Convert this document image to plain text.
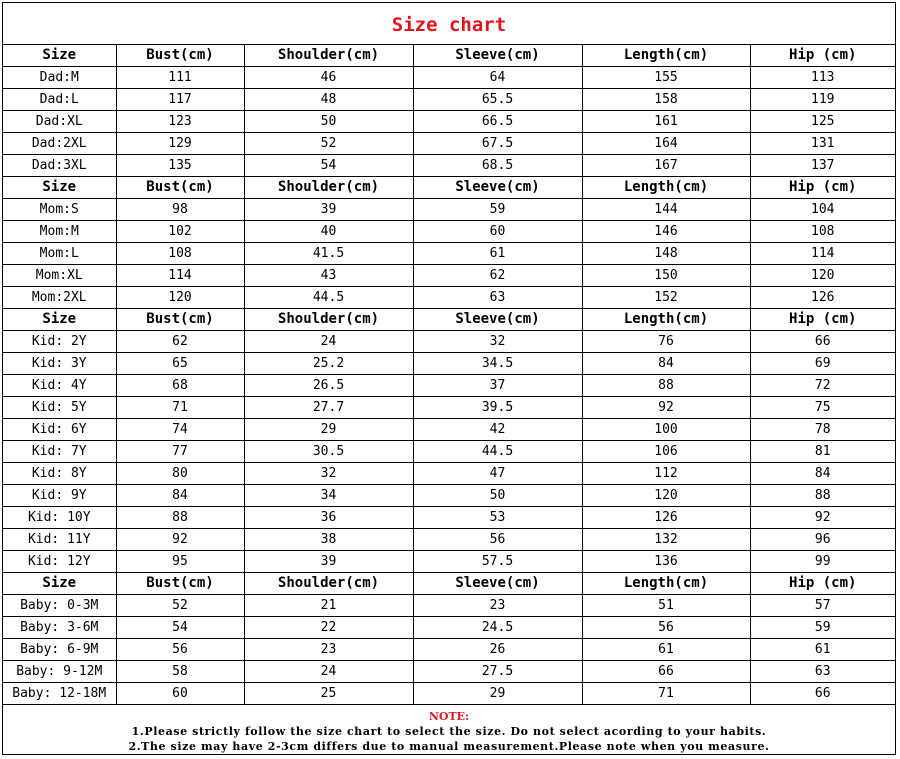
Size chart
Size	Bust(cm)	Shoulder(cm)	Sleeve(cm)	Length(cm)	Hip (cm)
Dad:M	111	46	64	155	113
Dad:L	117	48	65.5	158	119
Dad:XL	123	50	66.5	161	125
Dad:2XL	129	52	67.5	164	131
Dad:3XL	135	54	68.5	167	137
Size	Bust(cm)	Shoulder(cm)	Sleeve(cm)	Length(cm)	Hip (cm)
Mom:S	98	39	59	144	104
Mom:M	102	40	60	146	108
Mom:L	108	41.5	61	148	114
Mom:XL	114	43	62	150	120
Mom:2XL	120	44.5	63	152	126
Size	Bust(cm)	Shoulder(cm)	Sleeve(cm)	Length(cm)	Hip (cm)
Kid: 2Y	62	24	32	76	66
Kid: 3Y	65	25.2	34.5	84	69
Kid: 4Y	68	26.5	37	88	72
Kid: 5Y	71	27.7	39.5	92	75
Kid: 6Y	74	29	42	100	78
Kid: 7Y	77	30.5	44.5	106	81
Kid: 8Y	80	32	47	112	84
Kid: 9Y	84	34	50	120	88
Kid: 10Y	88	36	53	126	92
Kid: 11Y	92	38	56	132	96
Kid: 12Y	95	39	57.5	136	99
Size	Bust(cm)	Shoulder(cm)	Sleeve(cm)	Length(cm)	Hip (cm)
Baby: 0-3M	52	21	23	51	57
Baby: 3-6M	54	22	24.5	56	59
Baby: 6-9M	56	23	26	61	61
Baby: 9-12M	58	24	27.5	66	63
Baby: 12-18M	60	25	29	71	66
NOTE:
1.Please strictly follow the size chart to select the size. Do not select acording to your habits.
2.The size may have 2-3cm differs due to manual measurement.Please note when you measure.
